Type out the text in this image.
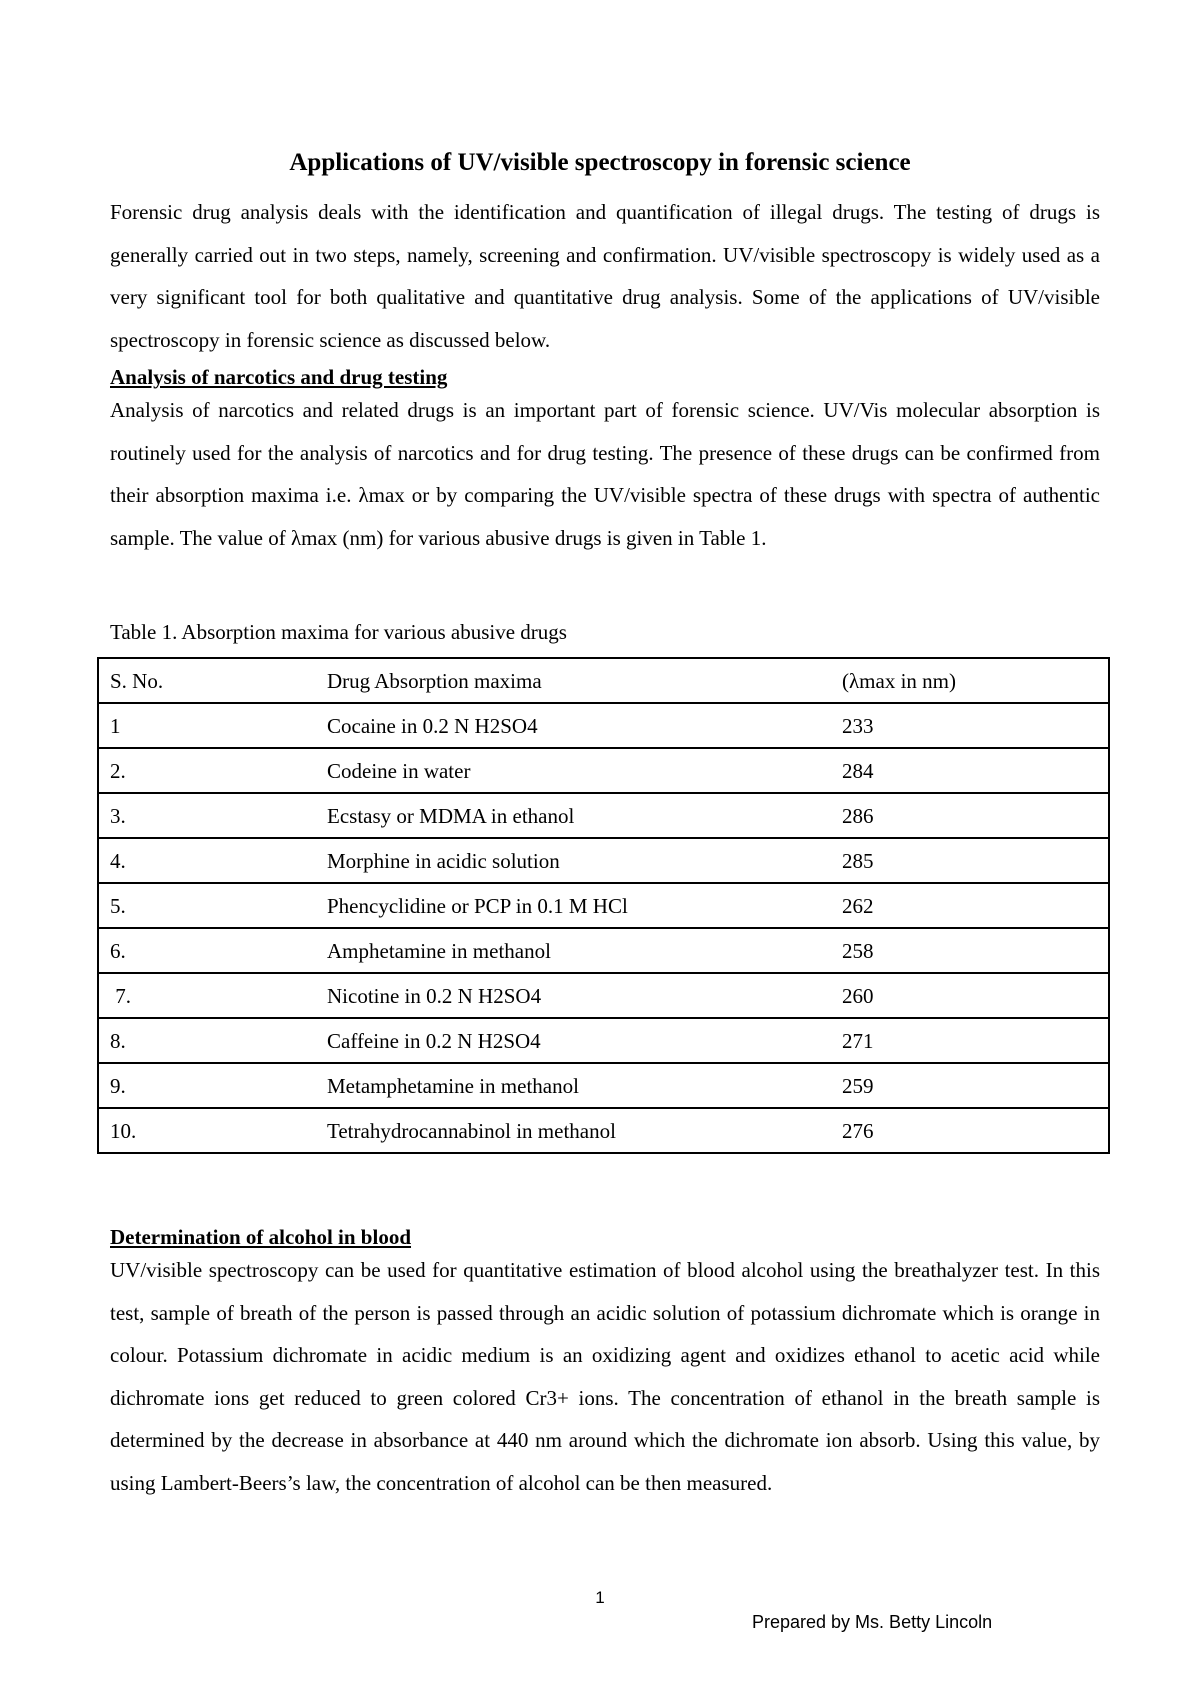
Applications of UV/visible spectroscopy in forensic science
Forensic drug analysis deals with the identification and quantification of illegal drugs. The testing of drugs is generally carried out in two steps, namely, screening and confirmation. UV/visible spectroscopy is widely used as a very significant tool for both qualitative and quantitative drug analysis. Some of the applications of UV/visible spectroscopy in forensic science as discussed below.
Analysis of narcotics and drug testing
Analysis of narcotics and related drugs is an important part of forensic science. UV/Vis molecular absorption is routinely used for the analysis of narcotics and for drug testing. The presence of these drugs can be confirmed from their absorption maxima i.e. λmax or by comparing the UV/visible spectra of these drugs with spectra of authentic sample. The value of λmax (nm) for various abusive drugs is given in Table 1.
Table 1. Absorption maxima for various abusive drugs
S. No.	Drug Absorption maxima	(λmax in nm)
1	Cocaine in 0.2 N H2SO4	233
2.	Codeine in water	284
3.	Ecstasy or MDMA in ethanol	286
4.	Morphine in acidic solution	285
5.	Phencyclidine or PCP in 0.1 M HCl	262
6.	Amphetamine in methanol	258
7.	Nicotine in 0.2 N H2SO4	260
8.	Caffeine in 0.2 N H2SO4	271
9.	Metamphetamine in methanol	259
10.	Tetrahydrocannabinol in methanol	276
Determination of alcohol in blood
UV/visible spectroscopy can be used for quantitative estimation of blood alcohol using the breathalyzer test. In this test, sample of breath of the person is passed through an acidic solution of potassium dichromate which is orange in colour. Potassium dichromate in acidic medium is an oxidizing agent and oxidizes ethanol to acetic acid while dichromate ions get reduced to green colored Cr3+ ions. The concentration of ethanol in the breath sample is determined by the decrease in absorbance at 440 nm around which the dichromate ion absorb. Using this value, by using Lambert-Beers’s law, the concentration of alcohol can be then measured.
1
Prepared by Ms. Betty Lincoln
